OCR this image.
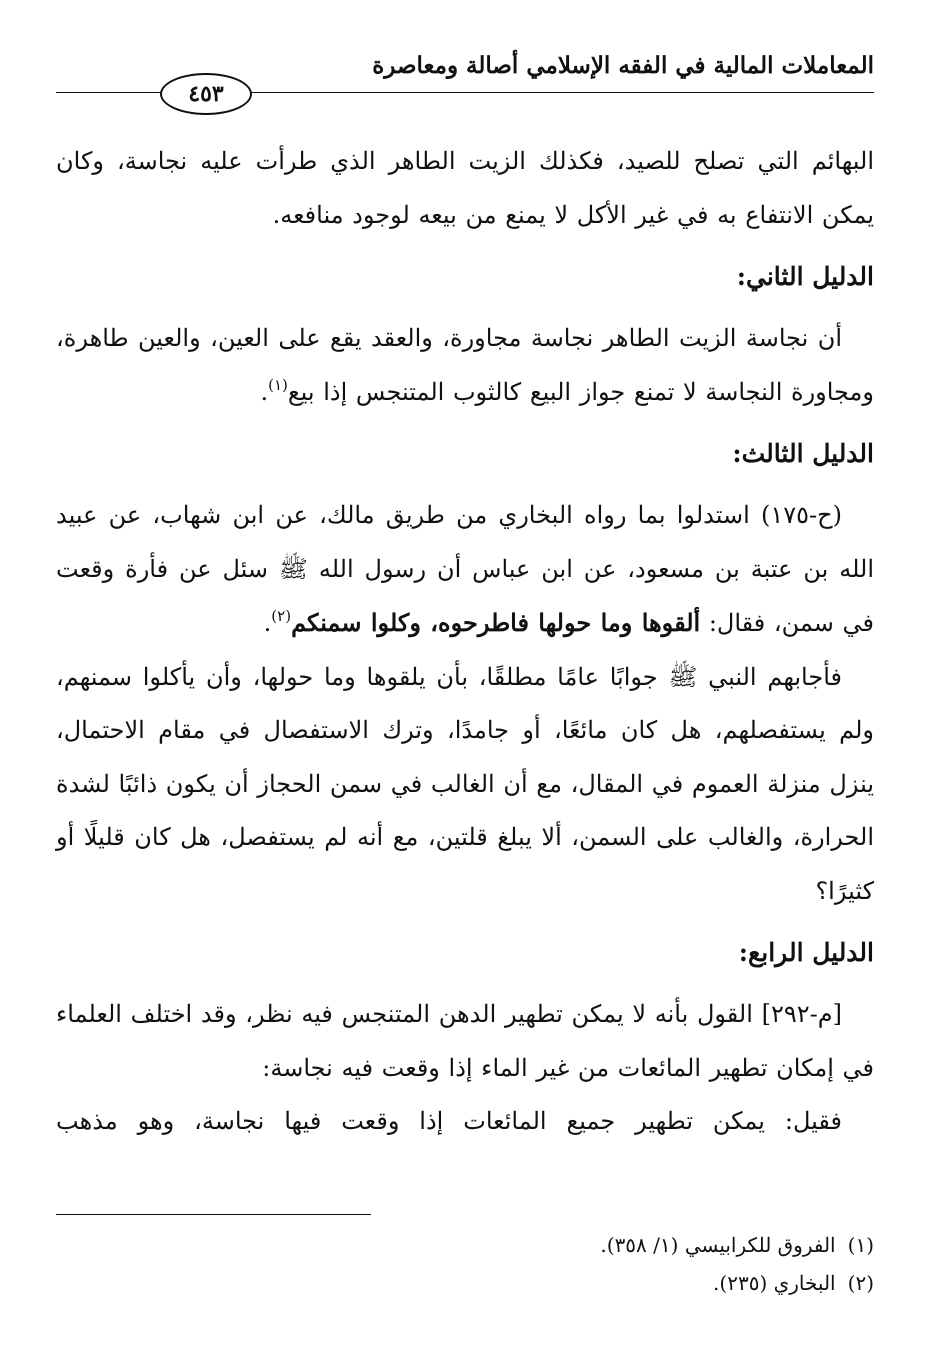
المعاملات المالية في الفقه الإسلامي أصالة ومعاصرة
٤٥٣

البهائم التي تصلح للصيد، فكذلك الزيت الطاهر الذي طرأت عليه نجاسة، وكان يمكن الانتفاع به في غير الأكل لا يمنع من بيعه لوجود منافعه.

الدليل الثاني:

أن نجاسة الزيت الطاهر نجاسة مجاورة، والعقد يقع على العين، والعين طاهرة، ومجاورة النجاسة لا تمنع جواز البيع كالثوب المتنجس إذا بيع$^{(١)}$.

الدليل الثالث:

(ح-١٧٥) استدلوا بما رواه البخاري من طريق مالك، عن ابن شهاب، عن عبيد الله بن عتبة بن مسعود، عن ابن عباس أن رسول الله ﷺ سئل عن فأرة وقعت في سمن، فقال: ألقوها وما حولها فاطرحوه، وكلوا سمنكم$^{(٢)}$.

فأجابهم النبي ﷺ جوابًا عامًا مطلقًا، بأن يلقوها وما حولها، وأن يأكلوا سمنهم، ولم يستفصلهم، هل كان مائعًا، أو جامدًا، وترك الاستفصال في مقام الاحتمال، ينزل منزلة العموم في المقال، مع أن الغالب في سمن الحجاز أن يكون ذائبًا لشدة الحرارة، والغالب على السمن، ألا يبلغ قلتين، مع أنه لم يستفصل، هل كان قليلًا أو كثيرًا؟

الدليل الرابع:

[م-٢٩٢] القول بأنه لا يمكن تطهير الدهن المتنجس فيه نظر، وقد اختلف العلماء في إمكان تطهير المائعات من غير الماء إذا وقعت فيه نجاسة:

فقيل: يمكن تطهير جميع المائعات إذا وقعت فيها نجاسة، وهو مذهب

(١)الفروق للكرابيسي (١/ ٣٥٨).

(٢)البخاري (٢٣٥).
